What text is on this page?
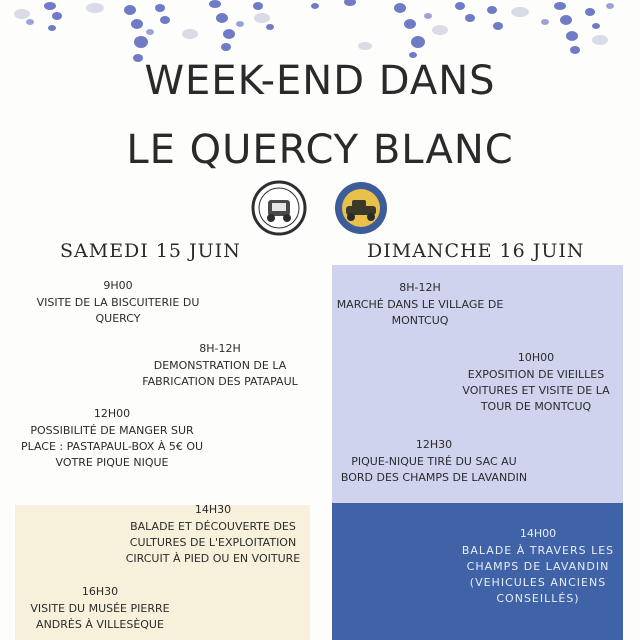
WEEK-END DANS
LE QUERCY BLANC
SAMEDI 15 JUIN	DIMANCHE 16 JUIN
9H00
VISITE DE LA BISCUITERIE DU QUERCY
8H-12H
DEMONSTRATION DE LA FABRICATION DES PATAPAUL
12H00
POSSIBILITÉ DE MANGER SUR PLACE : PASTAPAUL-BOX À 5€ OU VOTRE PIQUE NIQUE
14H30
BALADE ET DÉCOUVERTE DES CULTURES DE L'EXPLOITATION CIRCUIT À PIED OU EN VOITURE
16H30
VISITE DU MUSÉE PIERRE ANDRÈS À VILLESÈQUE
8H-12H
MARCHÉ DANS LE VILLAGE DE MONTCUQ
10H00
EXPOSITION DE VIEILLES VOITURES ET VISITE DE LA TOUR DE MONTCUQ
12H30
PIQUE-NIQUE TIRÉ DU SAC AU BORD DES CHAMPS DE LAVANDIN
14H00
BALADE À TRAVERS LES CHAMPS DE LAVANDIN (VEHICULES ANCIENS CONSEILLÉS)
